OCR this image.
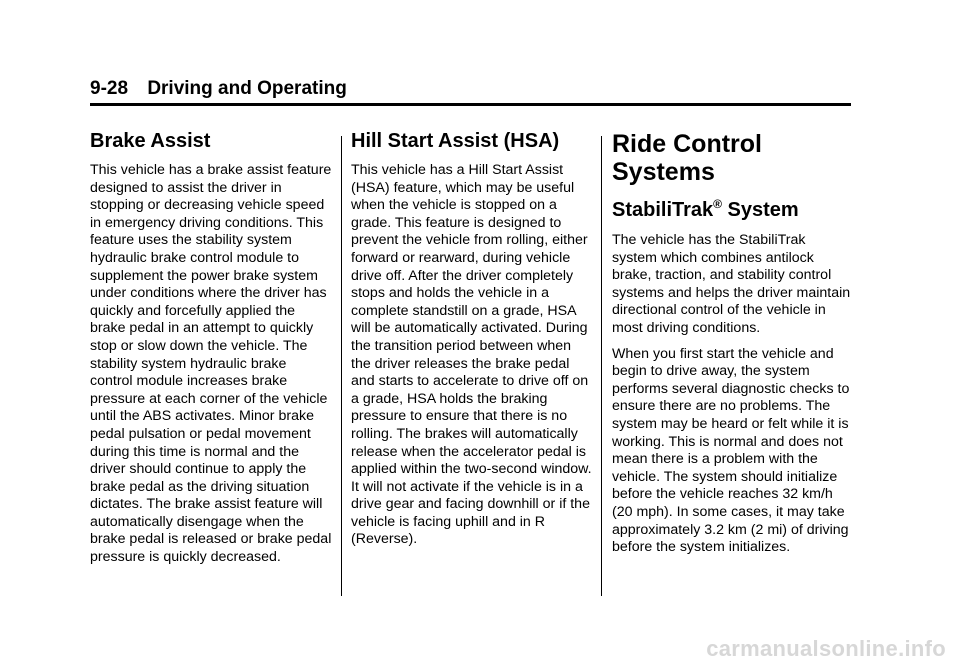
9-28 Driving and Operating
Brake Assist

This vehicle has a brake assist feature designed to assist the driver in stopping or decreasing vehicle speed in emergency driving conditions. This feature uses the stability system hydraulic brake control module to supplement the power brake system under conditions where the driver has quickly and forcefully applied the brake pedal in an attempt to quickly stop or slow down the vehicle. The stability system hydraulic brake control module increases brake pressure at each corner of the vehicle until the ABS activates. Minor brake pedal pulsation or pedal movement during this time is normal and the driver should continue to apply the brake pedal as the driving situation dictates. The brake assist feature will automatically disengage when the brake pedal is released or brake pedal pressure is quickly decreased.

Hill Start Assist (HSA)

This vehicle has a Hill Start Assist (HSA) feature, which may be useful when the vehicle is stopped on a grade. This feature is designed to prevent the vehicle from rolling, either forward or rearward, during vehicle drive off. After the driver completely stops and holds the vehicle in a complete standstill on a grade, HSA will be automatically activated. During the transition period between when the driver releases the brake pedal and starts to accelerate to drive off on a grade, HSA holds the braking pressure to ensure that there is no rolling. The brakes will automatically release when the accelerator pedal is applied within the two-second window. It will not activate if the vehicle is in a drive gear and facing downhill or if the vehicle is facing uphill and in R (Reverse).

Ride Control Systems
StabiliTrak® System

The vehicle has the StabiliTrak system which combines antilock brake, traction, and stability control systems and helps the driver maintain directional control of the vehicle in most driving conditions.

When you first start the vehicle and begin to drive away, the system performs several diagnostic checks to ensure there are no problems. The system may be heard or felt while it is working. This is normal and does not mean there is a problem with the vehicle. The system should initialize before the vehicle reaches 32 km/h (20 mph). In some cases, it may take approximately 3.2 km (2 mi) of driving before the system initializes.

carmanualsonline.info
